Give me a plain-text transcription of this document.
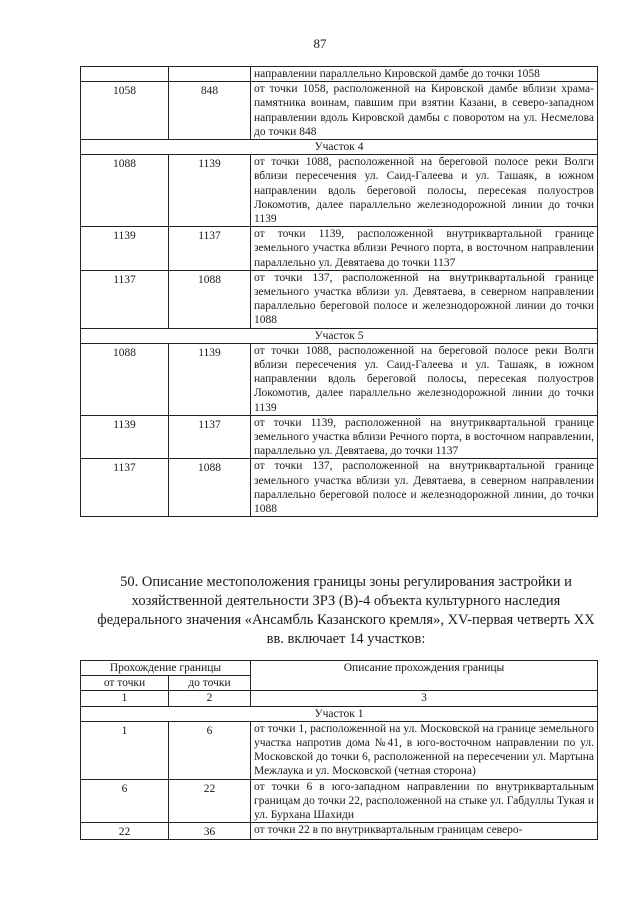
87
		направлении параллельно Кировской дамбе до точки 1058
1058	848	от точки 1058, расположенной на Кировской дамбе вблизи храма-памятника воинам, павшим при взятии Казани, в северо-западном направлении вдоль Кировской дамбы с поворотом на ул. Несмелова до точки 848
Участок 4		
1088	1139	от точки 1088, расположенной на береговой полосе реки Волги вблизи пересечения ул. Саид-Галеева и ул. Ташаяк, в южном направлении вдоль береговой полосы, пересекая полуостров Локомотив, далее параллельно железнодорожной линии до точки 1139
1139	1137	от точки 1139, расположенной внутриквартальной границе земельного участка вблизи Речного порта, в восточном направлении параллельно ул. Девятаева до точки 1137
1137	1088	от точки 137, расположенной на внутриквартальной границе земельного участка вблизи ул. Девятаева, в северном направлении параллельно береговой полосе и железнодорожной линии до точки 1088
Участок 5		
1088	1139	от точки 1088, расположенной на береговой полосе реки Волги вблизи пересечения ул. Саид-Галеева и ул. Ташаяк, в южном направлении вдоль береговой полосы, пересекая полуостров Локомотив, далее параллельно железнодорожной линии до точки 1139
1139	1137	от точки 1139, расположенной на внутриквартальной границе земельного участка вблизи Речного порта, в восточном направлении, параллельно ул. Девятаева, до точки 1137
1137	1088	от точки 137, расположенной на внутриквартальной границе земельного участка вблизи ул. Девятаева, в северном направлении параллельно береговой полосе и железнодорожной линии, до точки 1088
50. Описание местоположения границы зоны регулирования застройки и хозяйственной деятельности ЗРЗ (В)-4 объекта культурного наследия федерального значения «Ансамбль Казанского кремля», XV-первая четверть XX вв. включает 14 участков:
Прохождение границы		Описание прохождения границы
от точки	до точки	
1	2	3
Участок 1		
1	6	от точки 1, расположенной на ул. Московской на границе земельного участка напротив дома №41, в юго-восточном направлении по ул. Московской до точки 6, расположенной на пересечении ул. Мартына Межлаука и ул. Московской (четная сторона)
6	22	от точки 6 в юго-западном направлении по внутриквартальным границам до точки 22, расположенной на стыке ул. Габдуллы Тукая и ул. Бурхана Шахиди
22	36	от точки 22 в по внутриквартальным границам северо-
